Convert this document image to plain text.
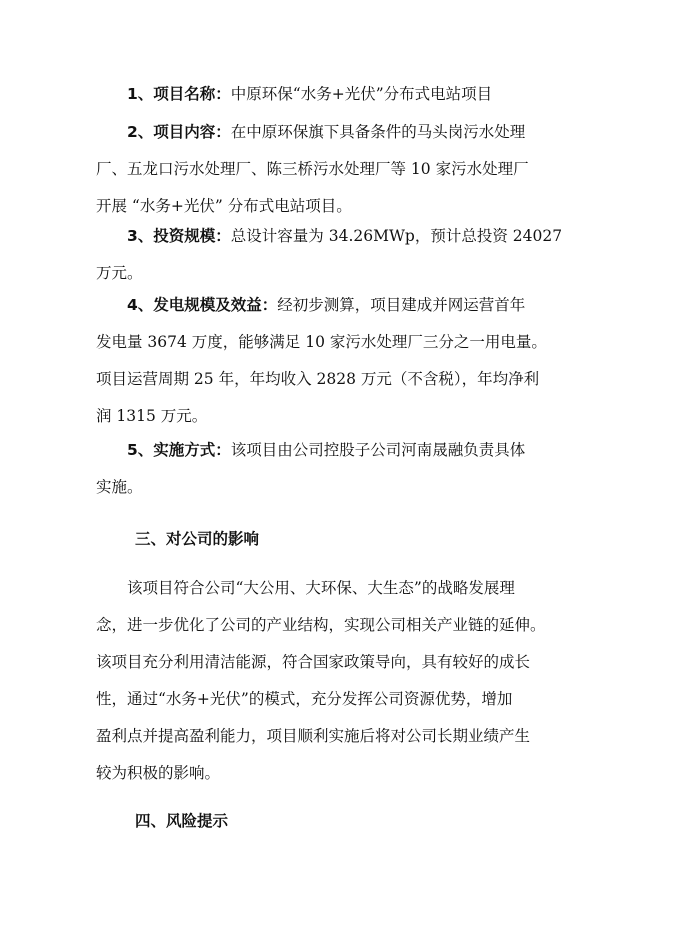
1、项目名称：中原环保“水务+光伏”分布式电站项目
2、项目内容：在中原环保旗下具备条件的马头岗污水处理
厂、五龙口污水处理厂、陈三桥污水处理厂等 10 家污水处理厂
开展 “水务+光伏” 分布式电站项目。
3、投资规模：总设计容量为 34.26MWp，预计总投资 24027
万元。
4、发电规模及效益：经初步测算，项目建成并网运营首年
发电量 3674 万度，能够满足 10 家污水处理厂三分之一用电量。
项目运营周期 25 年，年均收入 2828 万元（不含税），年均净利
润 1315 万元。
5、实施方式：该项目由公司控股子公司河南晟融负责具体
实施。
三、对公司的影响
该项目符合公司“大公用、大环保、大生态”的战略发展理
念，进一步优化了公司的产业结构，实现公司相关产业链的延伸。
该项目充分利用清洁能源，符合国家政策导向，具有较好的成长
性，通过“水务+光伏”的模式，充分发挥公司资源优势，增加
盈利点并提高盈利能力，项目顺利实施后将对公司长期业绩产生
较为积极的影响。
四、风险提示
